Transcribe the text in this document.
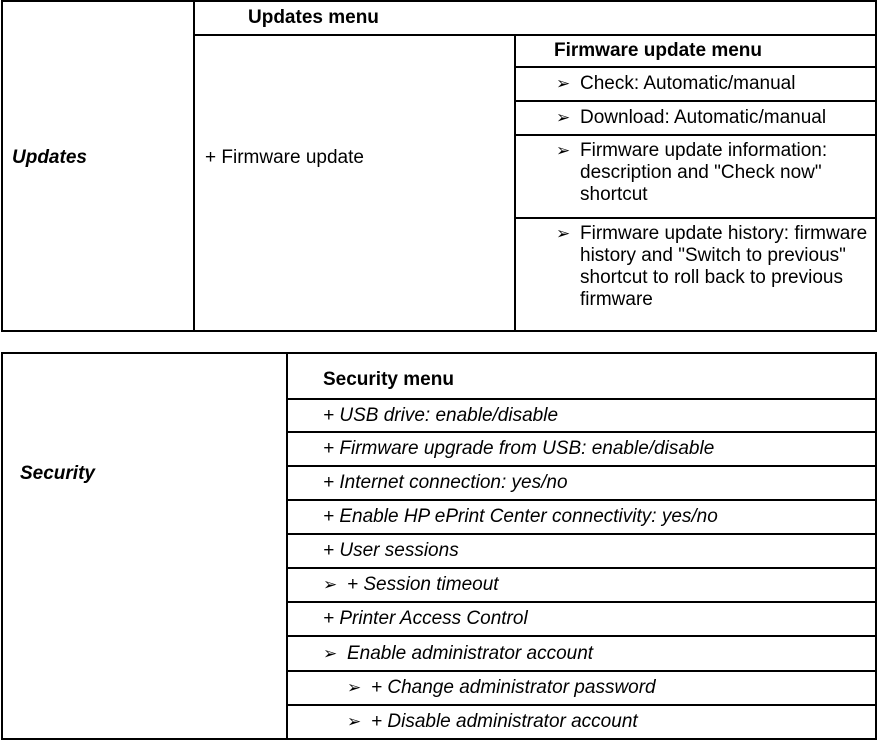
Updates
Updates menu
+ Firmware update
Firmware update menu
➢ Check: Automatic/manual
➢ Download: Automatic/manual
➢ Firmware update information: description and "Check now" shortcut
➢ Firmware update history: firmware history and "Switch to previous" shortcut to roll back to previous firmware
Security
Security menu
+ USB drive: enable/disable
+ Firmware upgrade from USB: enable/disable
+ Internet connection: yes/no
+ Enable HP ePrint Center connectivity: yes/no
+ User sessions
➢ + Session timeout
+ Printer Access Control
➢ Enable administrator account
➢ + Change administrator password
➢ + Disable administrator account
